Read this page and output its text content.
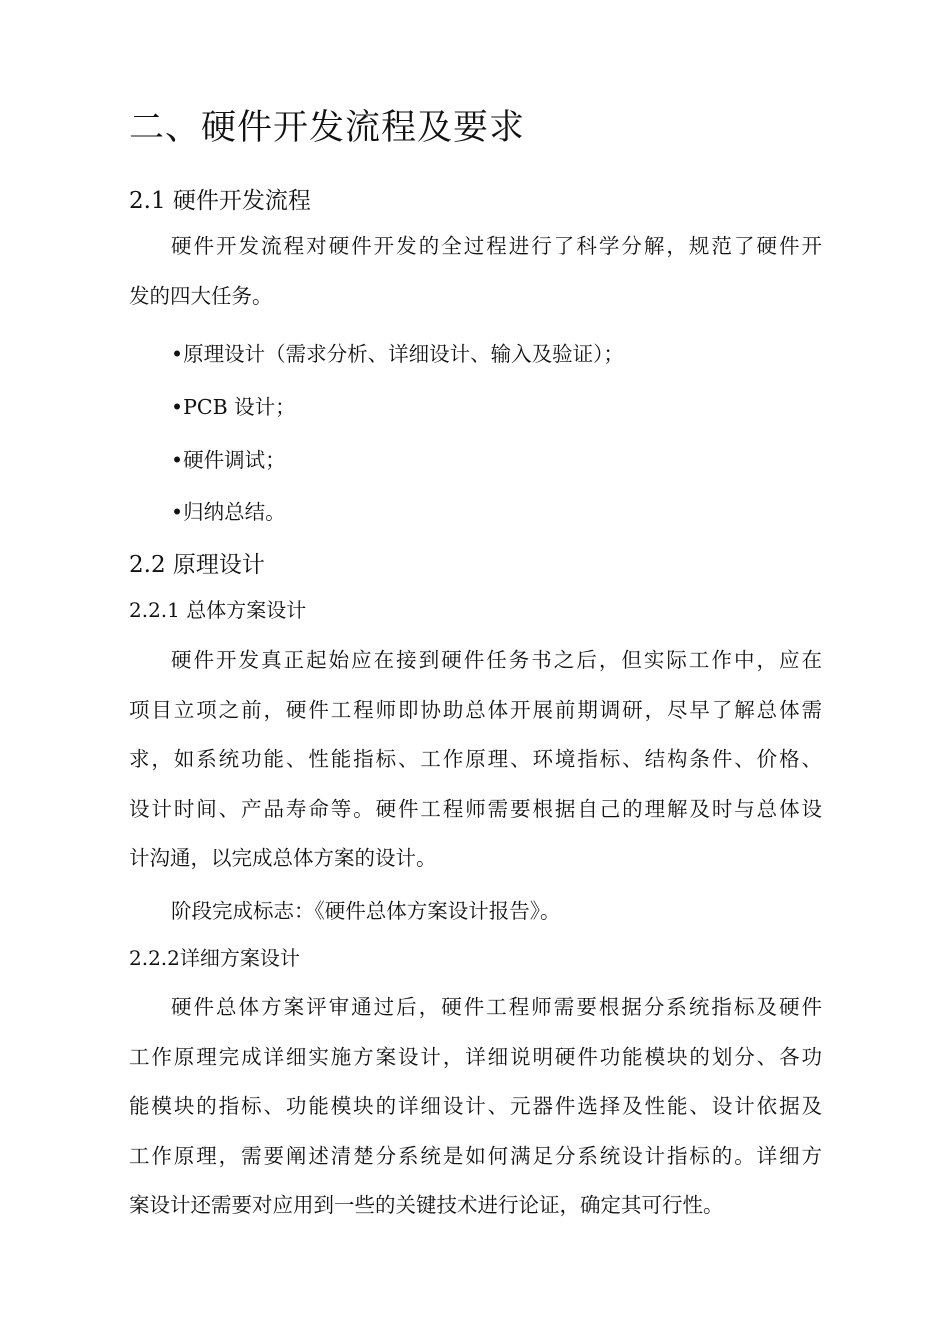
二、硬件开发流程及要求
2.1 硬件开发流程
硬件开发流程对硬件开发的全过程进行了科学分解，规范了硬件开
发的四大任务。
•原理设计（需求分析、详细设计、输入及验证）；
•PCB 设计；
•硬件调试；
•归纳总结。
2.2 原理设计
2.2.1 总体方案设计
硬件开发真正起始应在接到硬件任务书之后，但实际工作中，应在
项目立项之前，硬件工程师即协助总体开展前期调研，尽早了解总体需
求，如系统功能、性能指标、工作原理、环境指标、结构条件、价格、
设计时间、产品寿命等。硬件工程师需要根据自己的理解及时与总体设
计沟通，以完成总体方案的设计。
阶段完成标志：《硬件总体方案设计报告》。
2.2.2详细方案设计
硬件总体方案评审通过后，硬件工程师需要根据分系统指标及硬件
工作原理完成详细实施方案设计，详细说明硬件功能模块的划分、各功
能模块的指标、功能模块的详细设计、元器件选择及性能、设计依据及
工作原理，需要阐述清楚分系统是如何满足分系统设计指标的。详细方
案设计还需要对应用到一些的关键技术进行论证，确定其可行性。
